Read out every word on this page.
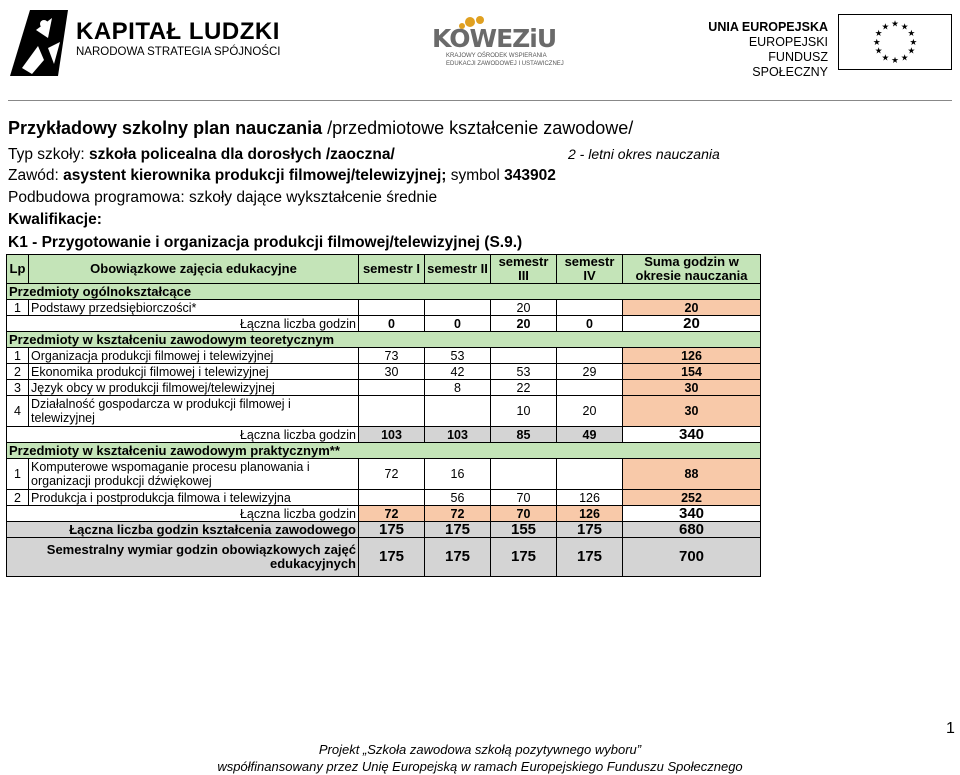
KAPITAŁ LUDZKI
NARODOWA STRATEGIA SPÓJNOŚCI	KOWEZiU
KRAJOWY OŚRODEK WSPIERANIA
EDUKACJI ZAWODOWEJ I USTAWICZNEJ
UNIA EUROPEJSKA
EUROPEJSKI
FUNDUSZ SPOŁECZNY
★ ★
★
★
★
★
★
★
★
★
★
★
Przykładowy szkolny plan nauczania /przedmiotowe kształcenie zawodowe/
Typ szkoły: szkoła policealna dla dorosłych /zaoczna/	2 - letni okres nauczania
Zawód: asystent kierownika produkcji filmowej/telewizyjnej; symbol 343902
Podbudowa programowa: szkoły dające wykształcenie średnie
Kwalifikacje:
K1 - Przygotowanie i organizacja produkcji filmowej/telewizyjnej (S.9.)
Lp	Obowiązkowe zajęcia edukacyjne	semestr I	semestr II	semestr III	semestr IV	Suma godzin w okresie nauczania
Przedmioty ogólnokształcące						
1	Podstawy przedsiębiorczości*			20		20
Łączna liczba godzin		0	0	20	0	20
Przedmioty w kształceniu zawodowym teoretycznym						
1	Organizacja produkcji filmowej i telewizyjnej	73	53			126
2	Ekonomika produkcji filmowej i telewizyjnej	30	42	53	29	154
3	Język obcy w produkcji filmowej/telewizyjnej		8	22		30
4	Działalność gospodarcza w produkcji filmowej i telewizyjnej			10	20	30
Łączna liczba godzin		103	103	85	49	340
Przedmioty w kształceniu zawodowym praktycznym**						
1	Komputerowe wspomaganie procesu planowania i organizacji produkcji dźwiękowej	72	16			88
2	Produkcja i postprodukcja filmowa i telewizyjna		56	70	126	252
Łączna liczba godzin		72	72	70	126	340
Łączna liczba godzin kształcenia zawodowego		175	175	155	175	680
Semestralny wymiar godzin obowiązkowych zajęć edukacyjnych		175	175	175	175	700
1
Projekt „Szkoła zawodowa szkołą pozytywnego wyboru”
współfinansowany przez Unię Europejską w ramach Europejskiego Funduszu Społecznego
